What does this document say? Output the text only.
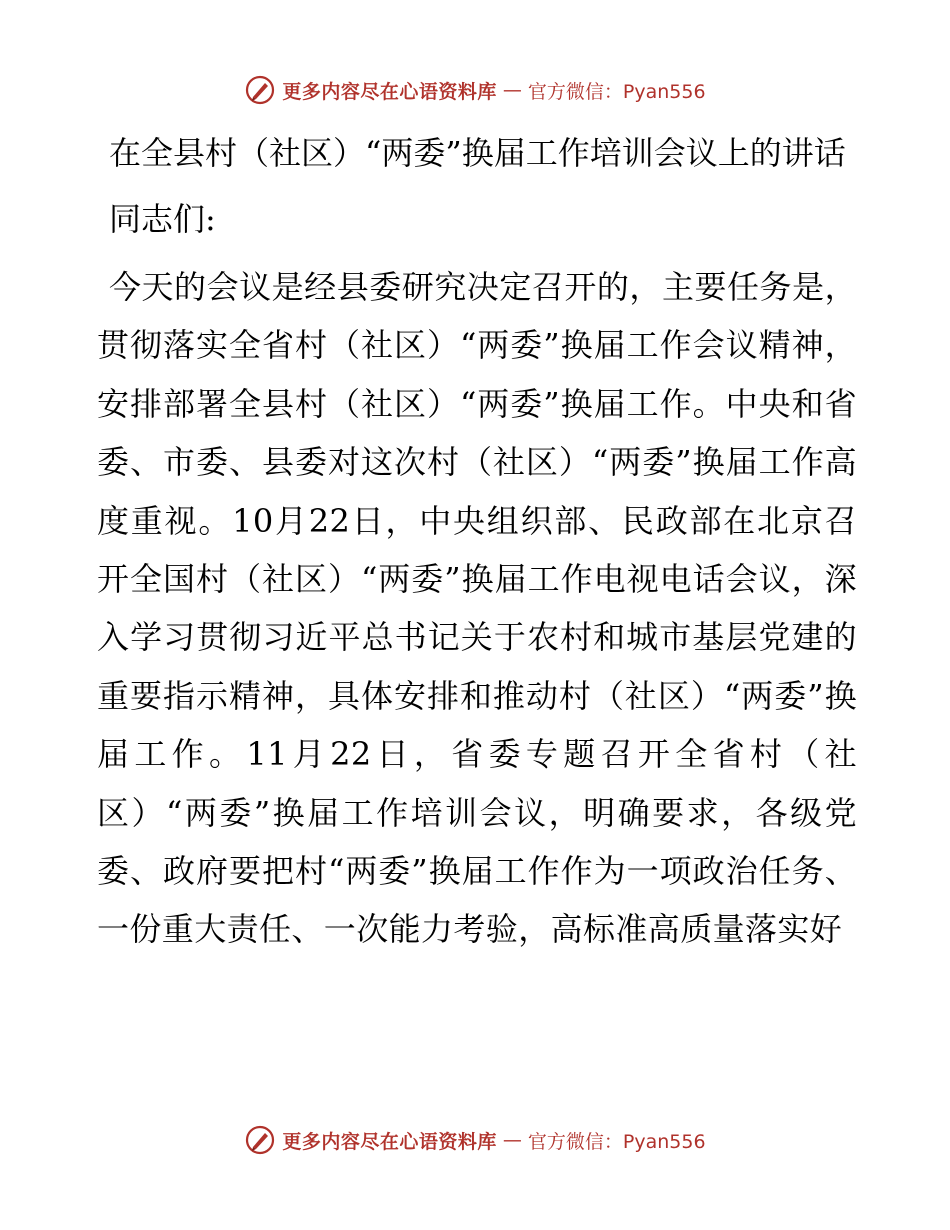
更多内容尽在心语资料库 — 官方微信：Pyan556
在全县村（社区）“两委”换届工作培训会议上的讲话

同志们:

今天的会议是经县委研究决定召开的，主要任务是，贯彻落实全省村（社区）“两委”换届工作会议精神，安排部署全县村（社区）“两委”换届工作。中央和省委、市委、县委对这次村（社区）“两委”换届工作高度重视。10月22日，中央组织部、民政部在北京召开全国村（社区）“两委”换届工作电视电话会议，深入学习贯彻习近平总书记关于农村和城市基层党建的重要指示精神，具体安排和推动村（社区）“两委”换届工作。11月22日，省委专题召开全省村（社区）“两委”换届工作培训会议，明确要求，各级党委、政府要把村“两委”换届工作作为一项政治任务、一份重大责任、一次能力考验，高标准高质量落实好

更多内容尽在心语资料库 — 官方微信：Pyan556
